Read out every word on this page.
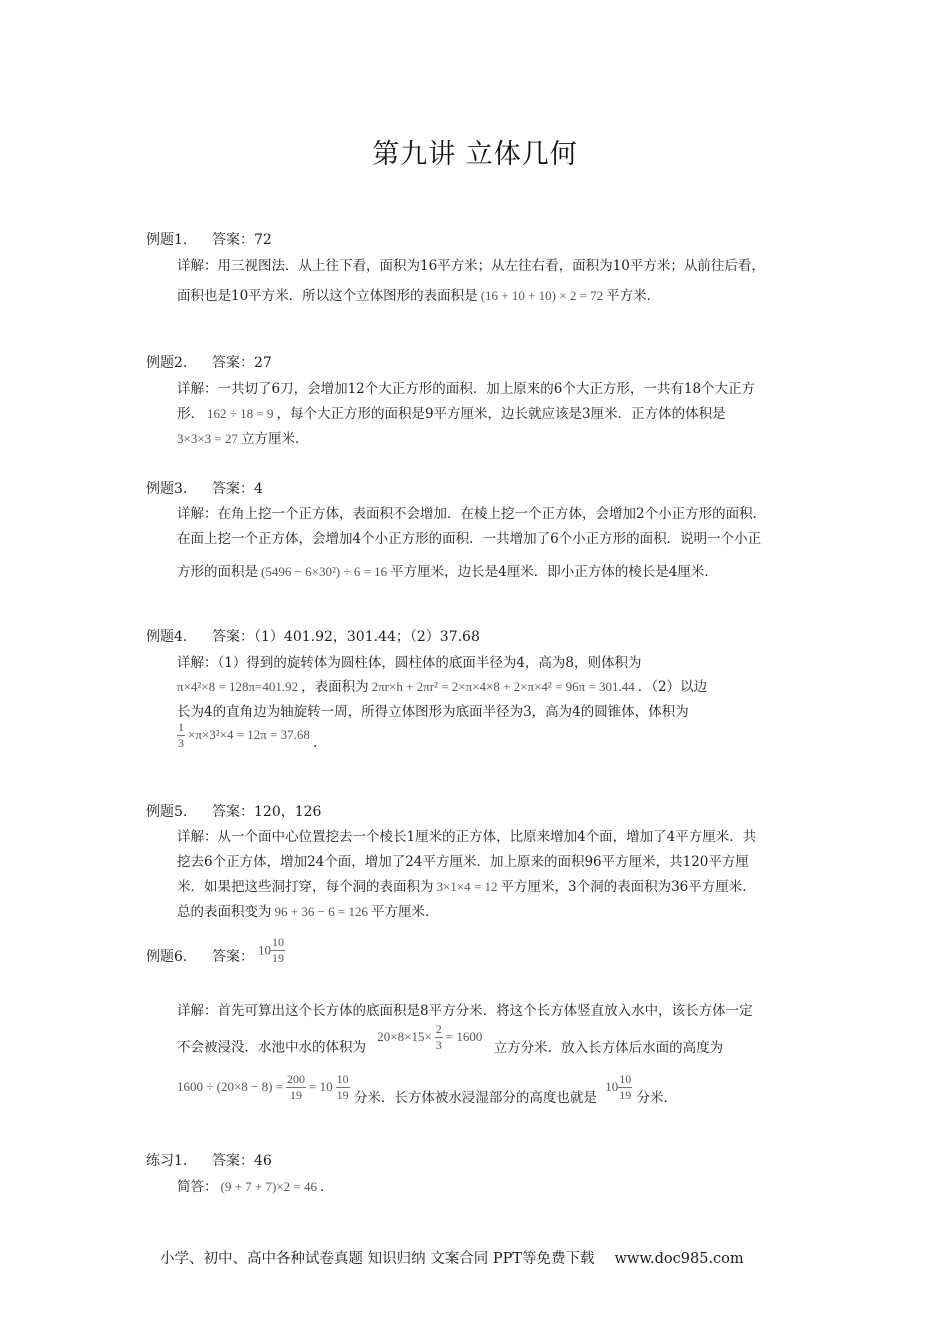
第九讲 立体几何
例题1. 答案：72
详解：用三视图法．从上往下看，面积为16平方米；从左往右看，面积为10平方米；从前往后看，
面积也是10平方米．所以这个立体图形的表面积是 (16 + 10 + 10) × 2 = 72 平方米．
例题2. 答案：27
详解：一共切了6刀，会增加12个大正方形的面积．加上原来的6个大正方形，一共有18个大正方
形． 162 ÷ 18 = 9 ，每个大正方形的面积是9平方厘米，边长就应该是3厘米．正方体的体积是
3×3×3 = 27 立方厘米．
例题3. 答案：4
详解：在角上挖一个正方体，表面积不会增加．在棱上挖一个正方体，会增加2个小正方形的面积．
在面上挖一个正方体，会增加4个小正方形的面积．一共增加了6个小正方形的面积．说明一个小正
方形的面积是 (5496 − 6×30²) ÷ 6 = 16 平方厘米，边长是4厘米．即小正方体的棱长是4厘米．
例题4. 答案：（1）401.92，301.44；（2）37.68
详解：（1）得到的旋转体为圆柱体，圆柱体的底面半径为4，高为8，则体积为
π×4²×8 = 128π=401.92 ，表面积为 2πr×h + 2πr² = 2×π×4×8 + 2×π×4² = 96π = 301.44 ．（2）以边
长为4的直角边为轴旋转一周，所得立体图形为底面半径为3，高为4的圆锥体，体积为
$\frac{1}{3} \times\pi\times 3^2\times 4 = 12\pi = 37.68$.
例题5. 答案：120，126
详解：从一个面中心位置挖去一个棱长1厘米的正方体，比原来增加4个面，增加了4平方厘米．共
挖去6个正方体，增加24个面，增加了24平方厘米．加上原来的面积96平方厘米，共120平方厘
米．如果把这些洞打穿，每个洞的表面积为 3×1×4 = 12 平方厘米，3个洞的表面积为36平方厘米．
总的表面积变为 96 + 36 − 6 = 126 平方厘米．
例题6. 答案： $10 \frac{10}{19}$
详解：首先可算出这个长方体的底面积是8平方分米．将这个长方体竖直放入水中，该长方体一定
不会被浸没．水池中水的体积为 $20\times 8\times 15\times \frac{2}{3} = 1600$ 立方分米．放入长方体后水面的高度为
$1600 \div (20\times 8 - 8) = \frac{200}{19} = 10 \frac{10}{19}$ 分米．长方体被水浸湿部分的高度也就是 $10 \frac{10}{19}$ 分米．
练习1. 答案：46
简答： (9 + 7 + 7)×2 = 46 .
小学、初中、高中各种试卷真题 知识归纳 文案合同 PPT等免费下载 www.doc985.com
